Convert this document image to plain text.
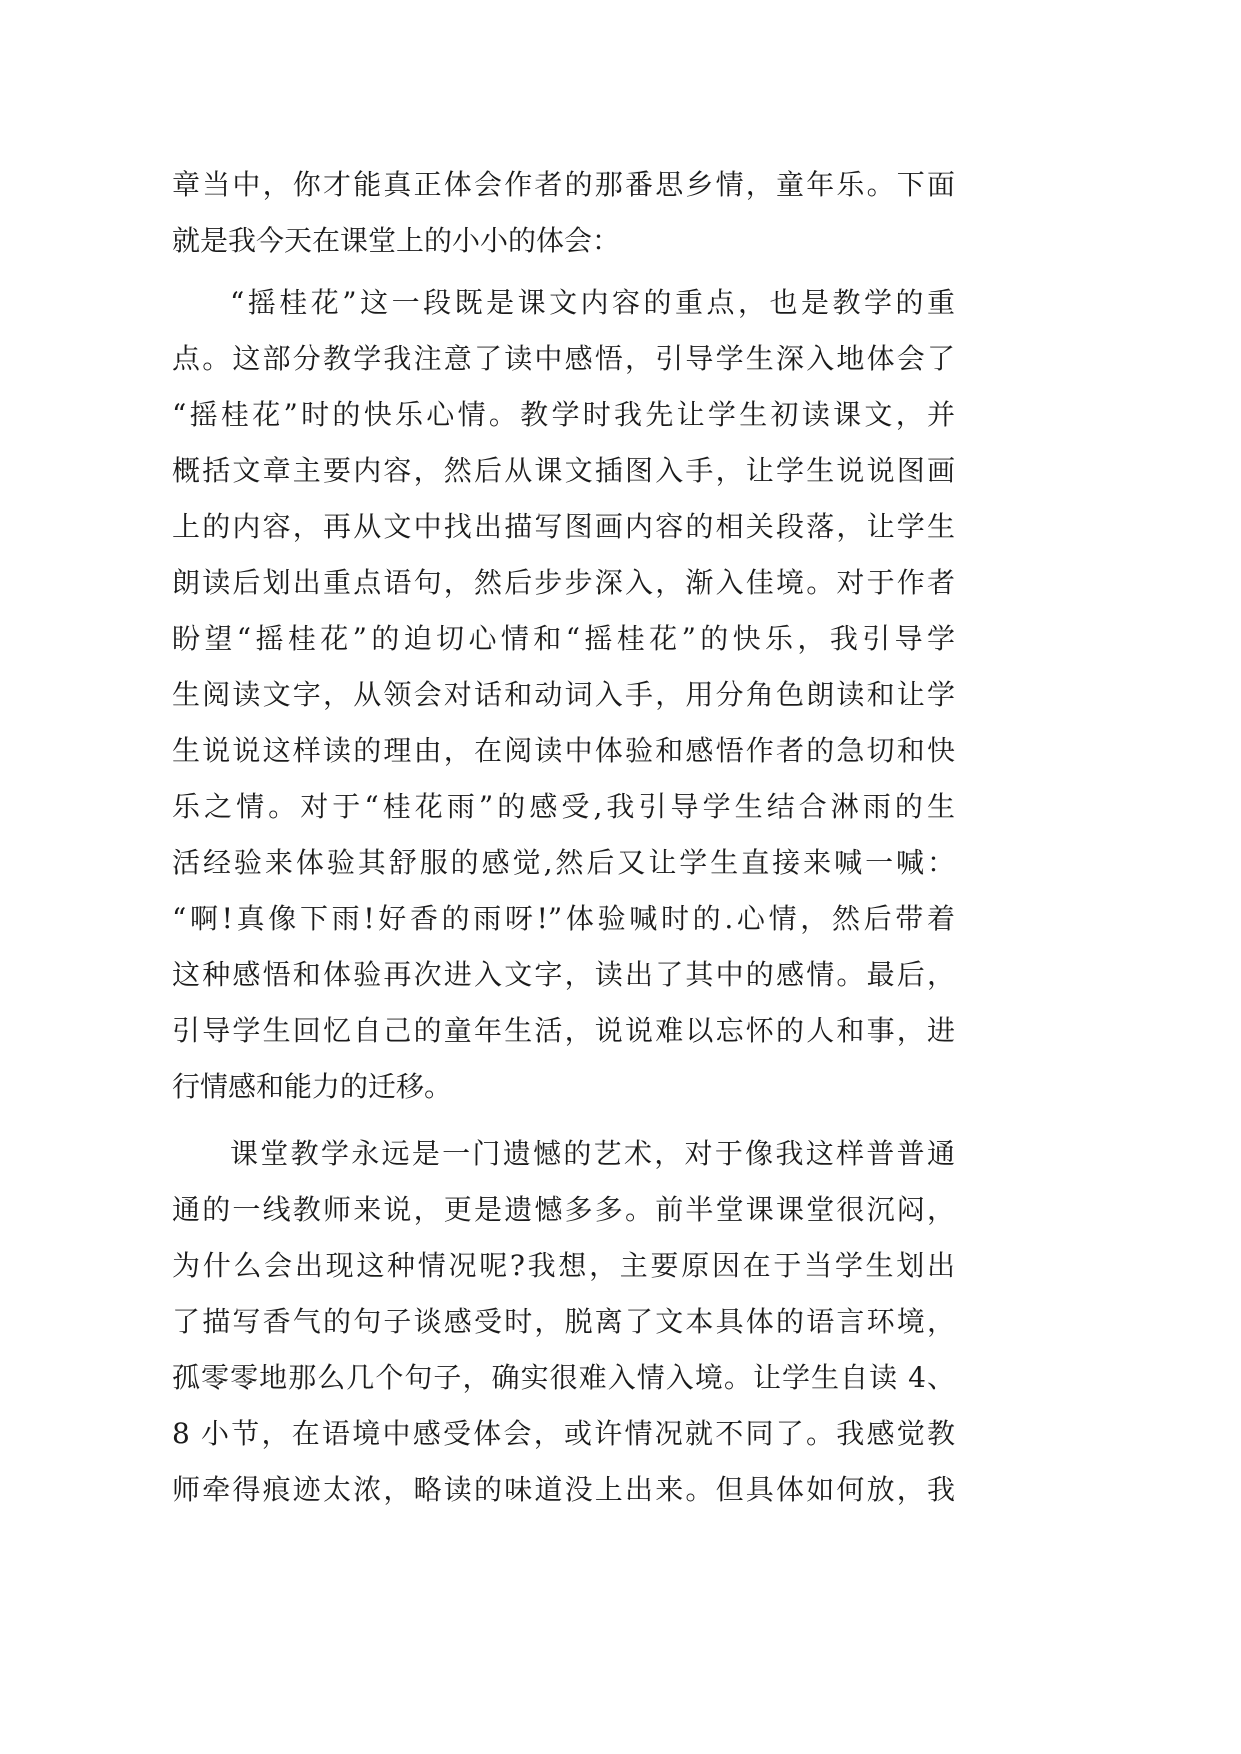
章当中，你才能真正体会作者的那番思乡情，童年乐。下面
就是我今天在课堂上的小小的体会：
“摇桂花”这一段既是课文内容的重点，也是教学的重
点。这部分教学我注意了读中感悟，引导学生深入地体会了
“摇桂花”时的快乐心情。教学时我先让学生初读课文，并
概括文章主要内容，然后从课文插图入手，让学生说说图画
上的内容，再从文中找出描写图画内容的相关段落，让学生
朗读后划出重点语句，然后步步深入，渐入佳境。对于作者
盼望“摇桂花”的迫切心情和“摇桂花”的快乐，我引导学
生阅读文字，从领会对话和动词入手，用分角色朗读和让学
生说说这样读的理由，在阅读中体验和感悟作者的急切和快
乐之情。对于“桂花雨”的感受,我引导学生结合淋雨的生
活经验来体验其舒服的感觉,然后又让学生直接来喊一喊：
“啊!真像下雨!好香的雨呀!”体验喊时的.心情，然后带着
这种感悟和体验再次进入文字，读出了其中的感情。最后，
引导学生回忆自己的童年生活，说说难以忘怀的人和事，进
行情感和能力的迁移。
课堂教学永远是一门遗憾的艺术，对于像我这样普普通
通的一线教师来说，更是遗憾多多。前半堂课课堂很沉闷，
为什么会出现这种情况呢?我想，主要原因在于当学生划出
了描写香气的句子谈感受时，脱离了文本具体的语言环境，
孤零零地那么几个句子，确实很难入情入境。让学生自读 4、
8 小节，在语境中感受体会，或许情况就不同了。我感觉教
师牵得痕迹太浓，略读的味道没上出来。但具体如何放，我
